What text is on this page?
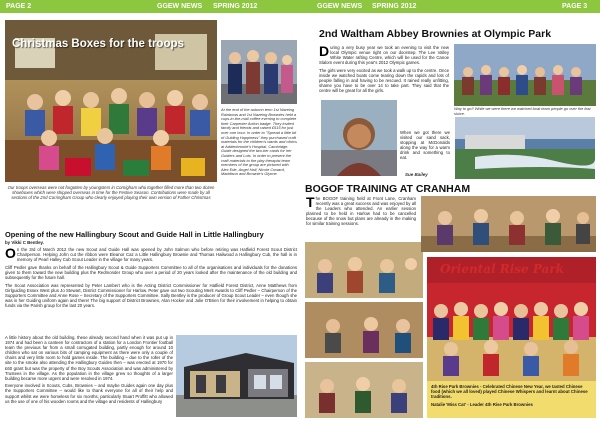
PAGE 2	GGEW NEWS SPRING 2012
Christmas Boxes for the troops
Our troops overseas were not forgotten by youngsters in Cornigham who together filled more than two dozen shoeboxes which were shipped overseas in time for the Festive Season. Contributions were made by all sections of the 2nd Corringham Group who clearly enjoyed playing their own version of Father Christmas
At the end of the autumn term 1st Nazeing Rainbows and 1st Nazeing Brownies held a cups-in-the-mail coffee evening to complete their Carpenter Action badge. They invited family and friends and raised £515 for just over one hour. In order to "Spread a little bit of Guiding Happiness" they purchased craft materials for the children's wards and clinics at Addenbrooke's Hospital, Cambridge. Guide designed the two-tier cards for her Guiders and Lots. In order to present the craft materials to the play therapist team members of the group are pictured with Alex Ede, Angel Hall, Nicole Coward, Maddison and Brownie's Glynne.
Opening of the new Hallingbury Scout and Guide Hall in Little Hallingbury
by Vikki C Bentley.

On the 3rd of March 2012 the new Scout and Guide Hall was opened by John Salmon who before retiring was Hatfield Forest Scout District Chairperson. Helping John cut the ribbon were Eleanor Caz a Little Hallingbury Brownie and Thomas Hailwood a Hallingbury Cub, the hall is in memory of Pearl Halley Cub Scout Leader in the village for many years.

Cliff Pedler gave thanks on behalf of the Hallingbury Scout & Guide Supporters Committee to all of the organisations and individuals for the donations given to them toward the new building plus the Redmonder Group who over a period of 20 years looked after the maintenance of the old building and subsequently for the future hall.

The Scout Association was represented by Peter Lambert who is the Acting District Commissioner for Hatfield Forest District, Anne Matthews from Girlguiding Essex West plus Jo Stewart, District Commissioner for Harlow. Peter gave out two Scouting Merit Awards to Cliff Pedler – Chairperson of the Supporters Committee and Anne Rose – Secretary of the Supporters Committee. Sally Bentley is the producer of Group Scout Leader – even though she was in her Guiding uniform again and there! The big support of District Brownies, Alan Hocker and Julie O'Brien for their involvement in helping to obtain funds via the Parish group for the last 20 years.

A little history about the old building, these already second hand when it was put up in 1974 and had been a canteen for contractors of a station for a London Frontier football team the previous far from a small corrugated building, partly enough for around 10 children who sat on various bits of camping equipment as there were only a couple of chairs and very little room to hold games inside. The building – due to the roller of the site to the smoke also attending the Hallingbury Guides then – was erected at 1970 for £60 grant but was the property of the Boy Scouts Association and was administered by Trustees in the village. As the population in the village grew so thoughts of a larger building became more urgent and were resolved in 1974.

Everyone involved in Scouts, Cubs, Brownies – and maybe Guides again one day plus the Supporters Committee – would like to thank everyone for all of their help and support whilst we were homeless for six months, particularly Stuart Proffitt who allowed us the use of one of his wooden rooms and the village and residents of Hallingbury

GGEW NEWS SPRING 2012	PAGE 3
2nd Waltham Abbey Brownies at Olympic Park

During a very busy year we took an evening to visit the new local Olympic venue right on our doorstep. The Lee Valley White Water rafting Centre, which will be used for the Canoe Slalom event during this year's 2012 Olympic games.

The girls were very excited as we took a walk up to the centre. Once inside we watched boats come tearing down the rapids and lots of people falling in and having to be rescued. It rained really unfitting, shame you have to be over 14 to take part. They said that the centre will be great for all the girls.

When we got there we visited our sand sack, stopping at McDonalds along the way for a warm drink and something to eat.

Sue Bailey
Way to go!! While we were there we watched boat team people go over the fast sluice.
BOGOF TRAINING AT CRANHAM

The BOGOF training held at Front Lane, Cranham recently was a great success and was enjoyed by all the Leaders who attended. An earlier session planned to be held in Harlow had to be cancelled because of the snow but plans are already in the making for similar training sessions.

Oriental Rise Park
4th Rise Park Brownies - Celebrated Chinese New Year, we tasted Chinese food (which we all loved) played Chinese Whispers and learnt about Chinese traditions.
Natalie 'Miss Cat' - Leader 4th Rise Park Brownies
